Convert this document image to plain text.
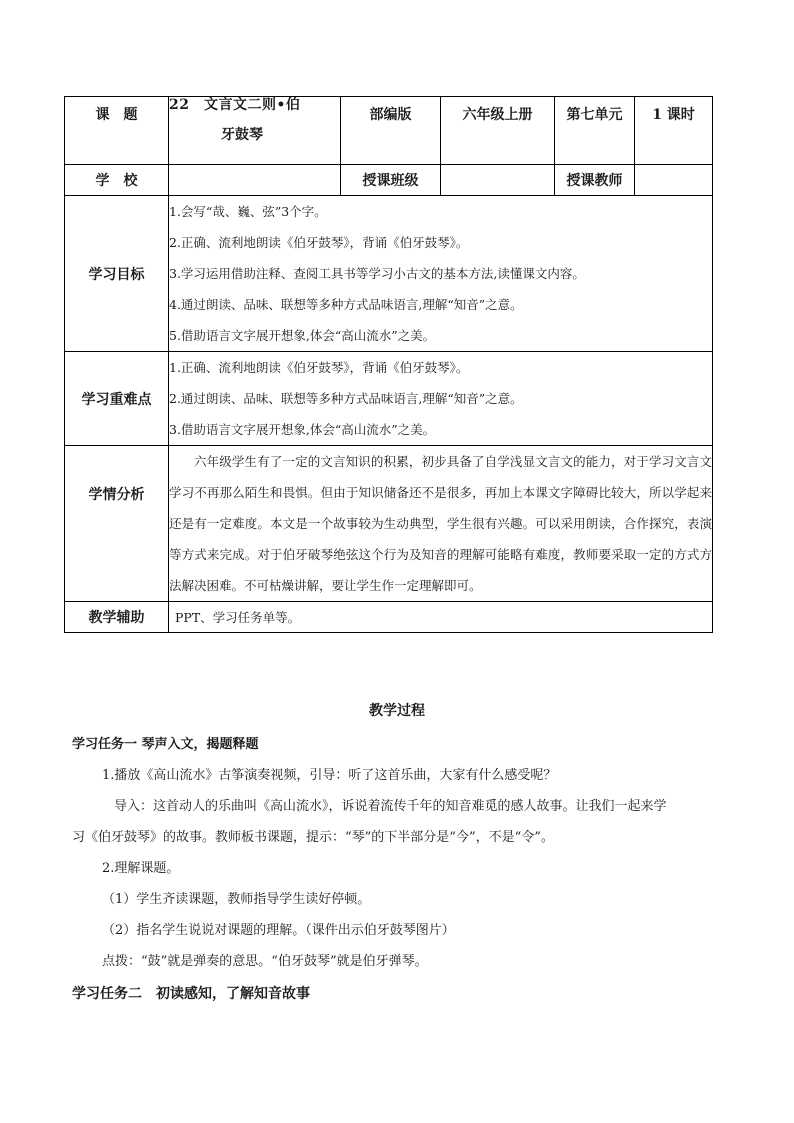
课　题	22　文言文二则•伯
牙鼓琴	部编版	六年级上册	第七单元	1 课时
学　校		授课班级		授课教师	
学习目标	1.会写“哉、巍、弦”3个字。
2.正确、流利地朗读《伯牙鼓琴》，背诵《伯牙鼓琴》。
3.学习运用借助注释、查阅工具书等学习小古文的基本方法,读懂课文内容。
4.通过朗读、品味、联想等多种方式品味语言,理解“知音”之意。
5.借助语言文字展开想象,体会“高山流水”之美。				

学习重难点	1.正确、流利地朗读《伯牙鼓琴》，背诵《伯牙鼓琴》。
2.通过朗读、品味、联想等多种方式品味语言,理解“知音”之意。
3.借助语言文字展开想象,体会“高山流水”之美。				

学情分析	六年级学生有了一定的文言知识的积累，初步具备了自学浅显文言文的能力，对于学习文言文学习不再那么陌生和畏惧。但由于知识储备还不是很多，再加上本课文字障碍比较大，所以学起来还是有一定难度。本文是一个故事较为生动典型，学生很有兴趣。可以采用朗读，合作探究，表演等方式来完成。对于伯牙破琴绝弦这个行为及知音的理解可能略有难度，教师要采取一定的方式方法解决困难。不可枯燥讲解，要让学生作一定理解即可。				
教学辅助	PPT、学习任务单等。				
教学过程
学习任务一 琴声入文，揭题释题
1.播放《高山流水》古筝演奏视频，引导：听了这首乐曲，大家有什么感受呢？
导入：这首动人的乐曲叫《高山流水》，诉说着流传千年的知音难觅的感人故事。让我们一起来学
习《伯牙鼓琴》的故事。教师板书课题，提示：“琴”的下半部分是“今”，不是“令”。
2.理解课题。
（1）学生齐读课题，教师指导学生读好停顿。
（2）指名学生说说对课题的理解。（课件出示伯牙鼓琴图片）
点拨：“鼓”就是弹奏的意思。“伯牙鼓琴”就是伯牙弹琴。
学习任务二　初读感知，了解知音故事
